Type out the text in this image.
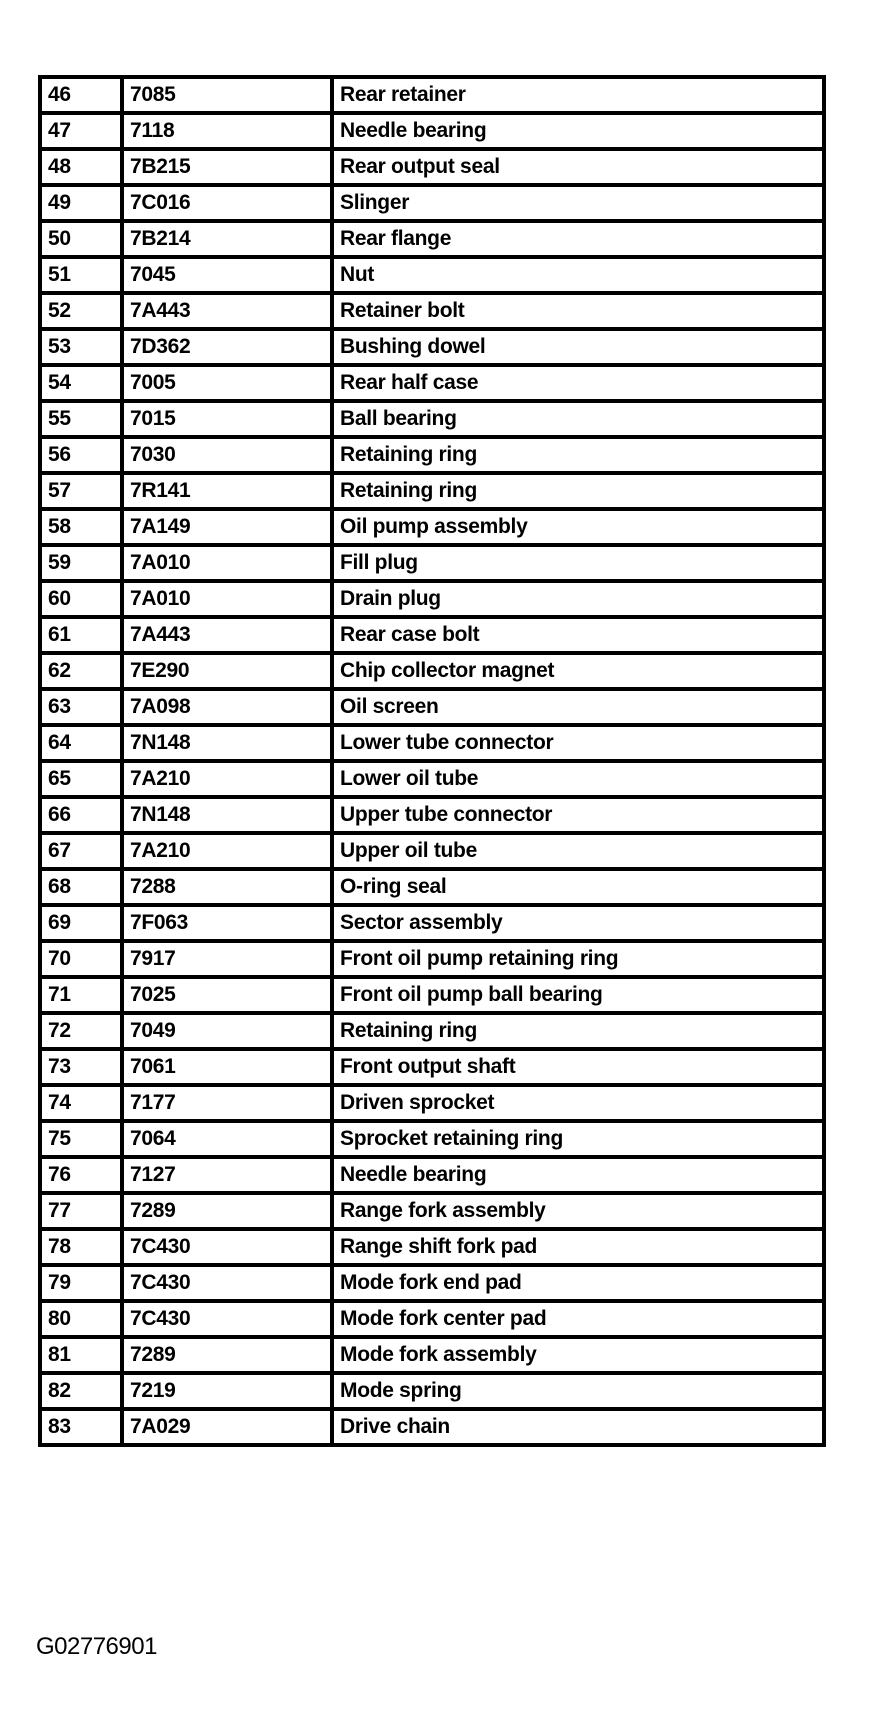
46	7085	Rear retainer
47	7118	Needle bearing
48	7B215	Rear output seal
49	7C016	Slinger
50	7B214	Rear flange
51	7045	Nut
52	7A443	Retainer bolt
53	7D362	Bushing dowel
54	7005	Rear half case
55	7015	Ball bearing
56	7030	Retaining ring
57	7R141	Retaining ring
58	7A149	Oil pump assembly
59	7A010	Fill plug
60	7A010	Drain plug
61	7A443	Rear case bolt
62	7E290	Chip collector magnet
63	7A098	Oil screen
64	7N148	Lower tube connector
65	7A210	Lower oil tube
66	7N148	Upper tube connector
67	7A210	Upper oil tube
68	7288	O-ring seal
69	7F063	Sector assembly
70	7917	Front oil pump retaining ring
71	7025	Front oil pump ball bearing
72	7049	Retaining ring
73	7061	Front output shaft
74	7177	Driven sprocket
75	7064	Sprocket retaining ring
76	7127	Needle bearing
77	7289	Range fork assembly
78	7C430	Range shift fork pad
79	7C430	Mode fork end pad
80	7C430	Mode fork center pad
81	7289	Mode fork assembly
82	7219	Mode spring
83	7A029	Drive chain
G02776901
